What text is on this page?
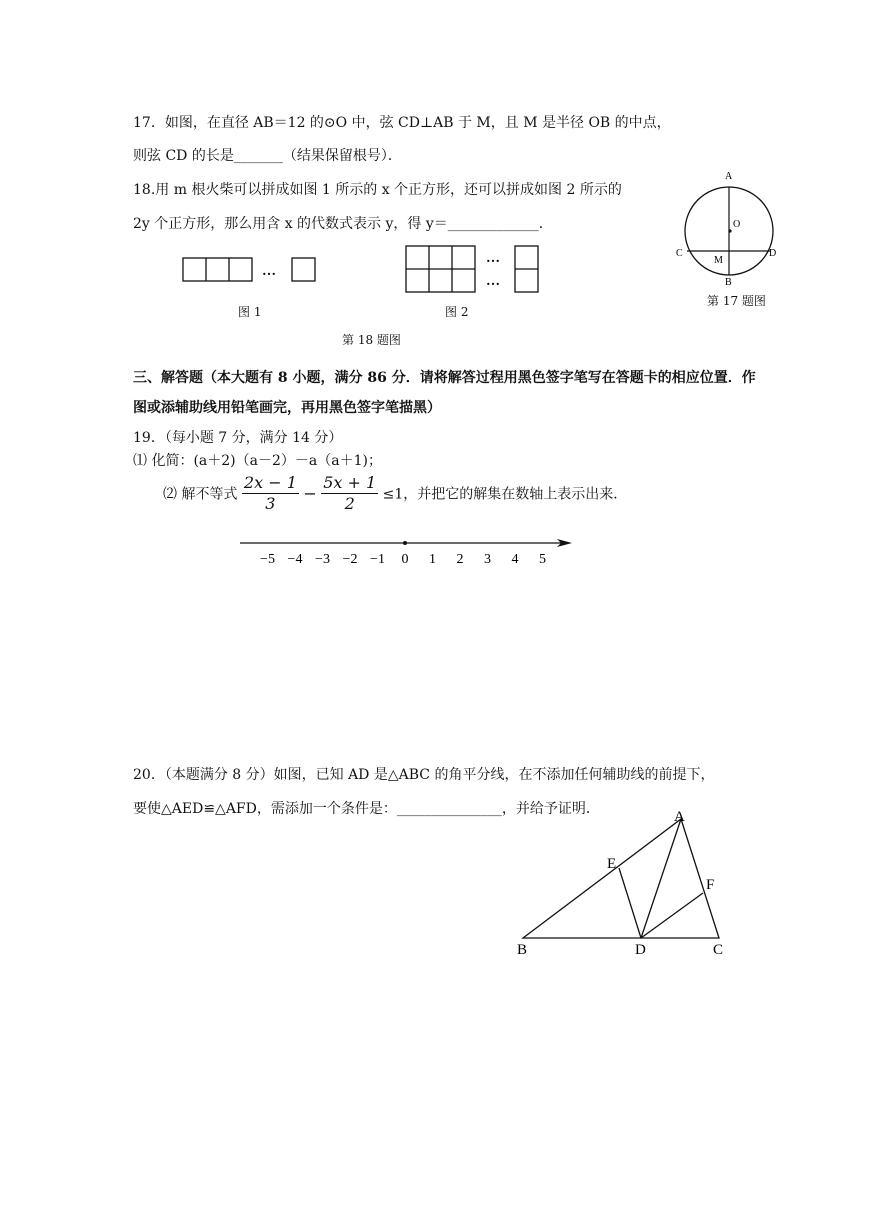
17．如图，在直径 AB＝12 的⊙O 中，弦 CD⊥AB 于 M，且 M 是半径 OB 的中点，
则弦 CD 的长是_______（结果保留根号）．
18.用 m 根火柴可以拼成如图 1 所示的 x 个正方形，还可以拼成如图 2 所示的
2y 个正方形，那么用含 x 的代数式表示 y，得 y＝_____________．
A
O
C	D
M
B
第 17 题图
…
图 1
…
…
图 2
第 18 题图
三、解答题（本大题有 8 小题，满分 86 分．请将解答过程用黑色签字笔写在答题卡的相应位置．作
图或添辅助线用铅笔画完，再用黑色签字笔描黑）
19．（每小题 7 分，满分 14 分）
⑴ 化简：(a＋2)（a－2）－a（a＋1)；
⑵ 解不等式 $\frac{2x - 1}{3} - \frac{5x + 1}{2} \le 1$，并把它的解集在数轴上表示出来．
−5 −4 −3 −2 −1 0 1 2 3 4 5
20．（本题满分 8 分）如图，已知 AD 是△ABC 的角平分线，在不添加任何辅助线的前提下，
要使△AED≌△AFD，需添加一个条件是：_______________，并给予证明．	A
E
F
B	D	C
